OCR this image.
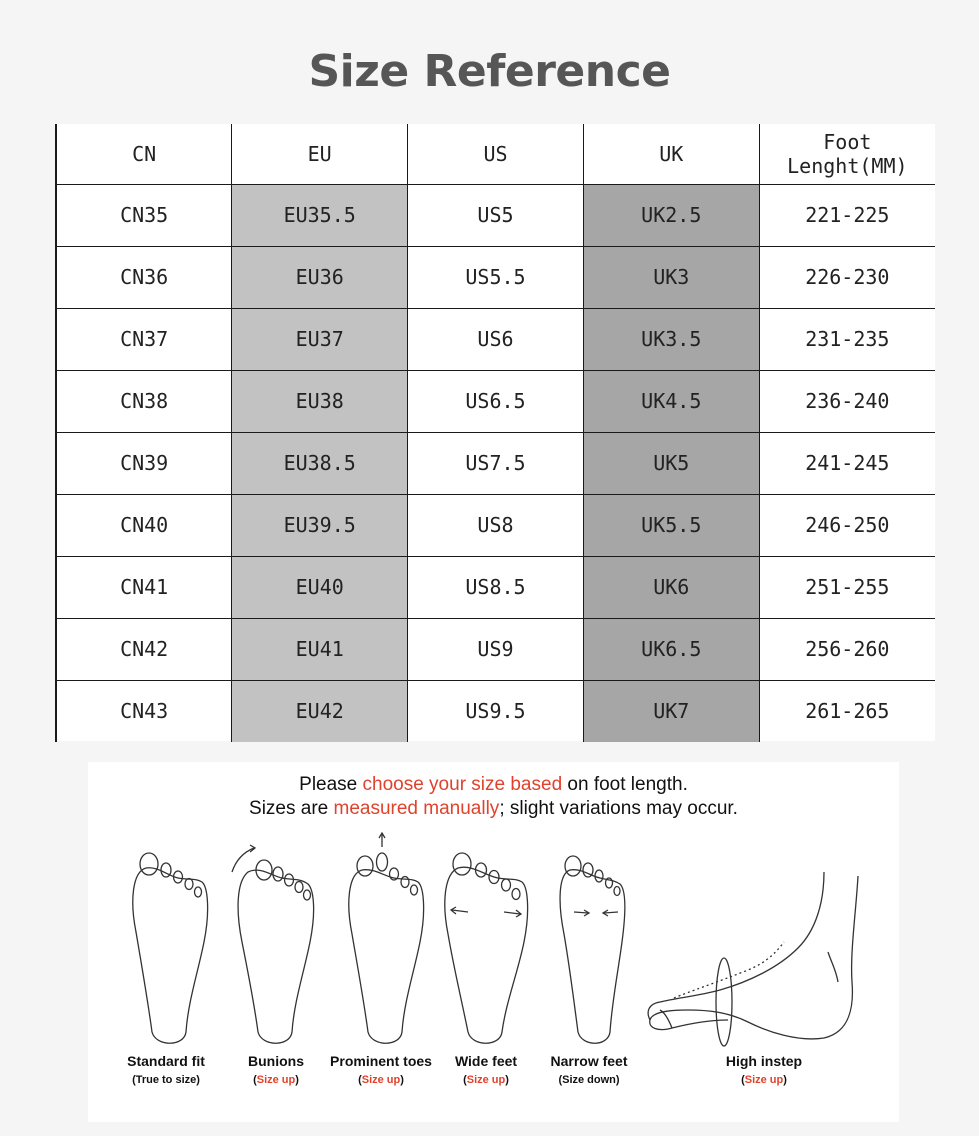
Size Reference
CN	EU	US	UK	Foot Lenght(MM)
CN35	EU35.5	US5	UK2.5	221-225
CN36	EU36	US5.5	UK3	226-230
CN37	EU37	US6	UK3.5	231-235
CN38	EU38	US6.5	UK4.5	236-240
CN39	EU38.5	US7.5	UK5	241-245
CN40	EU39.5	US8	UK5.5	246-250
CN41	EU40	US8.5	UK6	251-255
CN42	EU41	US9	UK6.5	256-260
CN43	EU42	US9.5	UK7	261-265
Please choose your size based on foot length.
Sizes are measured manually; slight variations may occur.
Standard fit
(True to size)
Bunions
(Size up)
Prominent toes
(Size up)
Wide feet
(Size up)
Narrow feet
(Size down)
High instep
(Size up)
